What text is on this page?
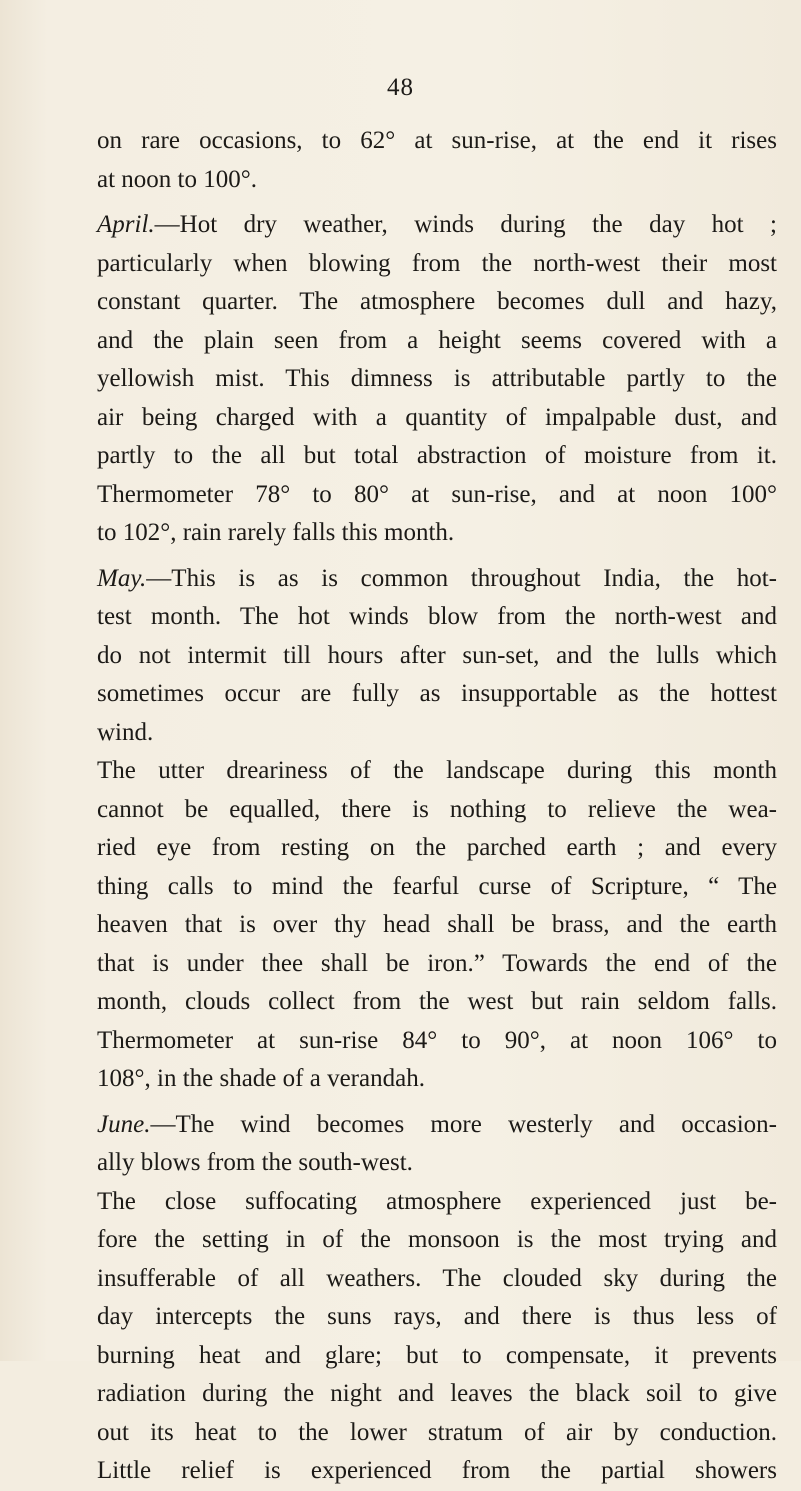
48
on rare occasions, to 62° at sun-rise, at the end it rises
at noon to 100°.
April.—Hot dry weather, winds during the day hot ;
particularly when blowing from the north-west their most
constant quarter. The atmosphere becomes dull and hazy,
and the plain seen from a height seems covered with a
yellowish mist. This dimness is attributable partly to the
air being charged with a quantity of impalpable dust, and
partly to the all but total abstraction of moisture from it.
Thermometer 78° to 80° at sun-rise, and at noon 100°
to 102°, rain rarely falls this month.
May.—This is as is common throughout India, the hot-
test month. The hot winds blow from the north-west and
do not intermit till hours after sun-set, and the lulls which
sometimes occur are fully as insupportable as the hottest
wind.
The utter dreariness of the landscape during this month
cannot be equalled, there is nothing to relieve the wea-
ried eye from resting on the parched earth ; and every
thing calls to mind the fearful curse of Scripture, “ The
heaven that is over thy head shall be brass, and the earth
that is under thee shall be iron.” Towards the end of the
month, clouds collect from the west but rain seldom falls.
Thermometer at sun-rise 84° to 90°, at noon 106° to
108°, in the shade of a verandah.
June.—The wind becomes more westerly and occasion-
ally blows from the south-west.
The close suffocating atmosphere experienced just be-
fore the setting in of the monsoon is the most trying and
insufferable of all weathers. The clouded sky during the
day intercepts the suns rays, and there is thus less of
burning heat and glare; but to compensate, it prevents
radiation during the night and leaves the black soil to give
out its heat to the lower stratum of air by conduction.
Little relief is experienced from the partial showers
